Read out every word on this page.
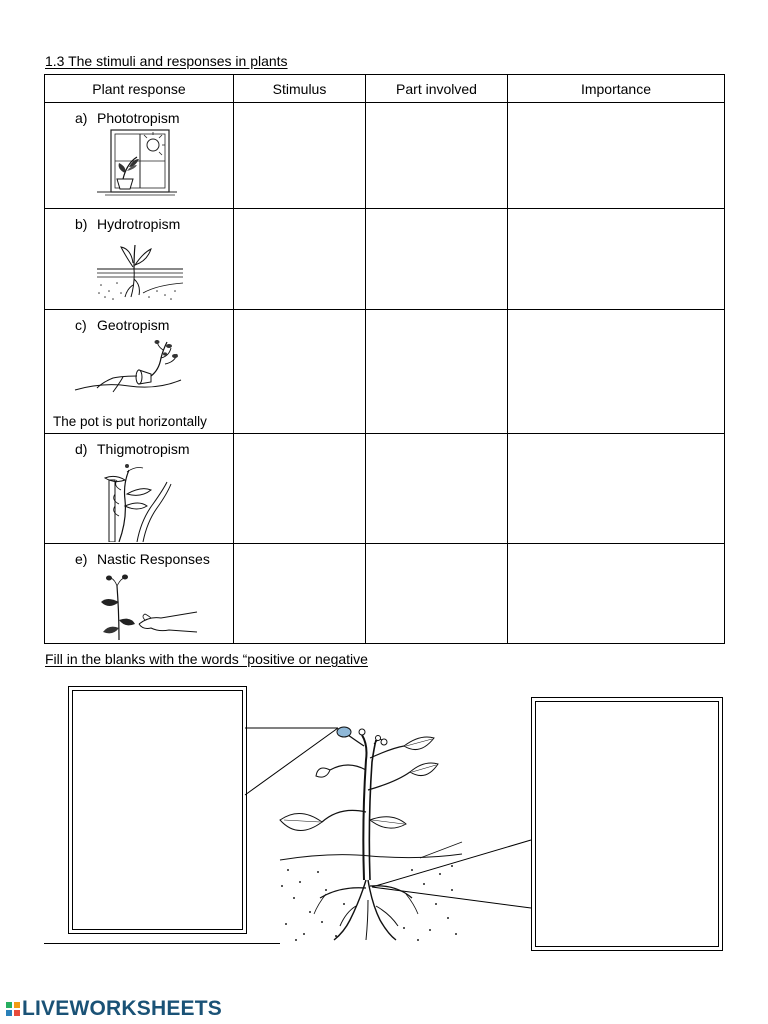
1.3 The stimuli and responses in plants
Plant response	Stimulus	Part involved	Importance

a) Phototropism			

b) Hydrotropism			

c) Geotropism
The pot is put horizontally			

d) Thigmotropism			

e) Nastic Responses			

Fill in the blanks with the words “positive or negative
LIVEWORKSHEETS
